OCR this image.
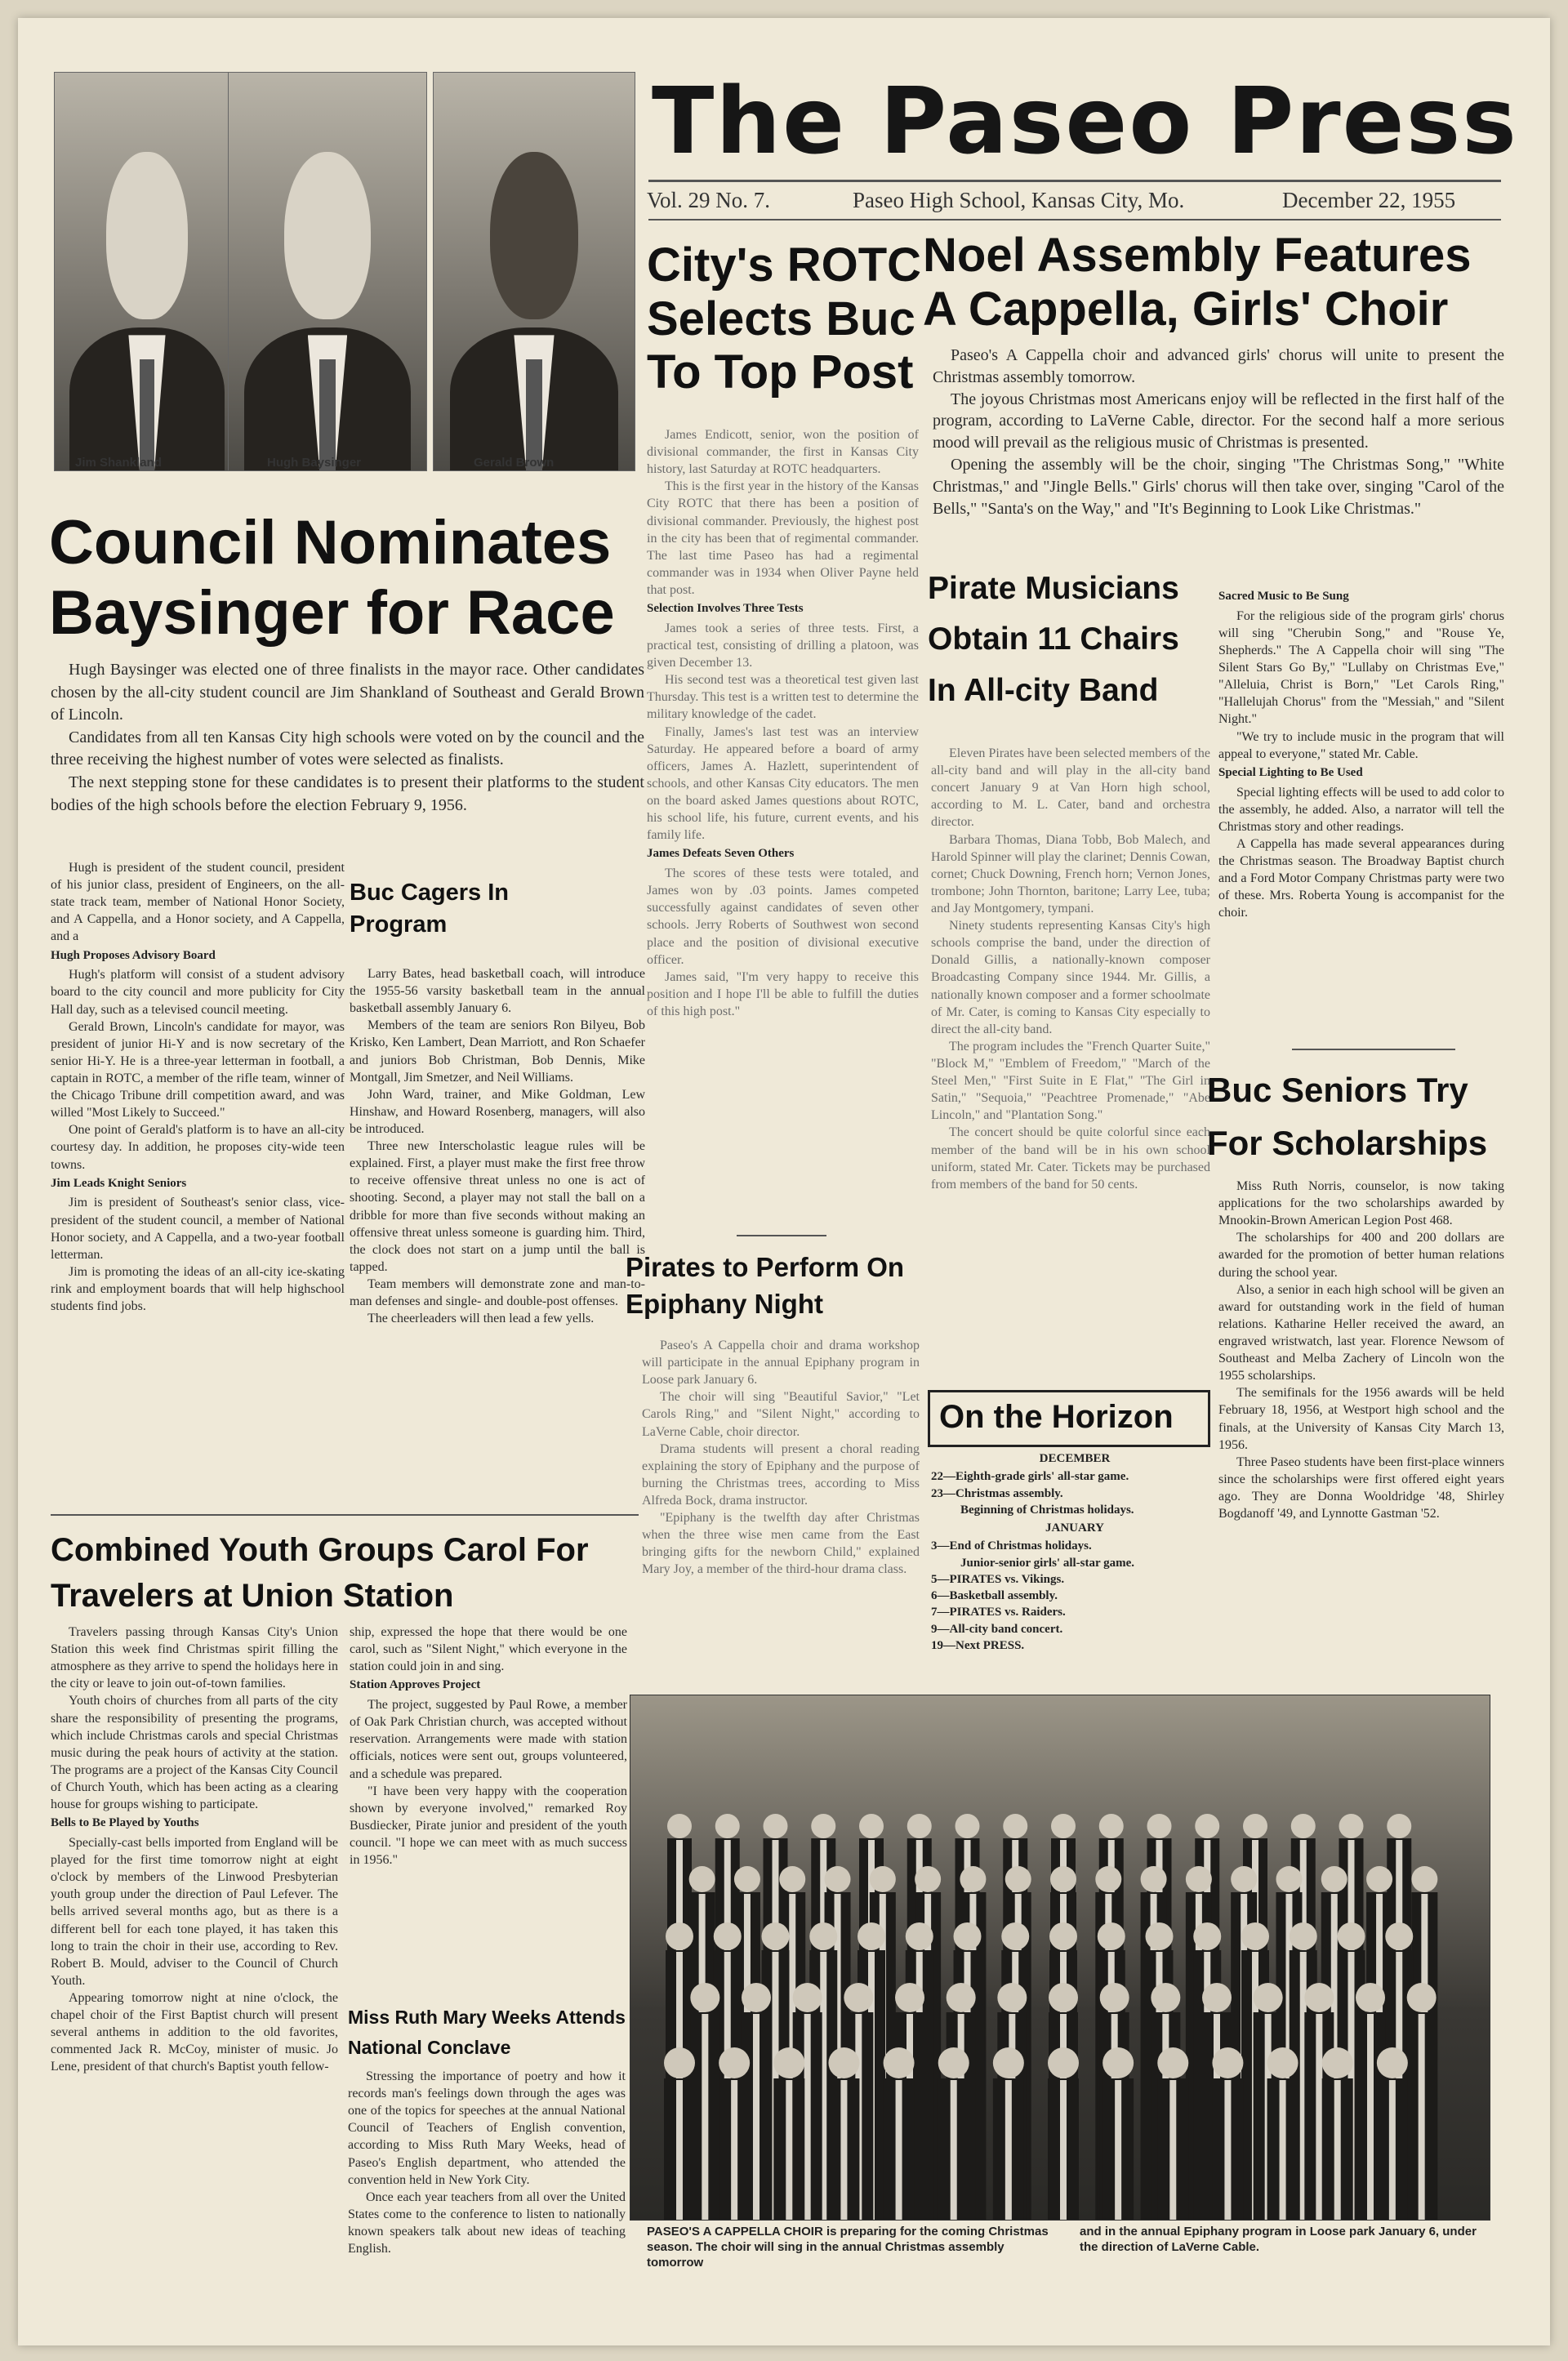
Jim Shankland	Hugh Baysinger	Gerald Brown
The Paseo Press
Vol. 29 No. 7.	Paseo High School, Kansas City, Mo.	December 22, 1955
Council Nominates Baysinger for Race

Hugh Baysinger was elected one of three finalists in the mayor race. Other candidates chosen by the all-city student council are Jim Shankland of Southeast and Gerald Brown of Lincoln.

Candidates from all ten Kansas City high schools were voted on by the council and the three receiving the highest number of votes were selected as finalists.

The next stepping stone for these candidates is to present their platforms to the student bodies of the high schools before the election February 9, 1956.

Hugh is president of the student council, president of his junior class, president of Engineers, on the all-state track team, member of National Honor Society, and A Cappella, and a Honor society, and A Cappella, and a

Hugh Proposes Advisory Board

Hugh's platform will consist of a student advisory board to the city council and more publicity for City Hall day, such as a televised council meeting.

Gerald Brown, Lincoln's candidate for mayor, was president of junior Hi-Y and is now secretary of the senior Hi-Y. He is a three-year letterman in football, a captain in ROTC, a member of the rifle team, winner of the Chicago Tribune drill competition award, and was willed "Most Likely to Succeed."

One point of Gerald's platform is to have an all-city courtesy day. In addition, he proposes city-wide teen towns.

Jim Leads Knight Seniors

Jim is president of Southeast's senior class, vice-president of the student council, a member of National Honor society, and A Cappella, and a two-year football letterman.

Jim is promoting the ideas of an all-city ice-skating rink and employment boards that will help highschool students find jobs.

Buc Cagers In Program

Larry Bates, head basketball coach, will introduce the 1955-56 varsity basketball team in the annual basketball assembly January 6.

Members of the team are seniors Ron Bilyeu, Bob Krisko, Ken Lambert, Dean Marriott, and Ron Schaefer and juniors Bob Christman, Bob Dennis, Mike Montgall, Jim Smetzer, and Neil Williams.

John Ward, trainer, and Mike Goldman, Lew Hinshaw, and Howard Rosenberg, managers, will also be introduced.

Three new Interscholastic league rules will be explained. First, a player must make the first free throw to receive offensive threat unless no one is act of shooting. Second, a player may not stall the ball on a dribble for more than five seconds without making an offensive threat unless someone is guarding him. Third, the clock does not start on a jump until the ball is tapped.

Team members will demonstrate zone and man-to-man defenses and single- and double-post offenses.

The cheerleaders will then lead a few yells.

City's ROTC Selects Buc To Top Post

James Endicott, senior, won the position of divisional commander, the first in Kansas City history, last Saturday at ROTC headquarters.

This is the first year in the history of the Kansas City ROTC that there has been a position of divisional commander. Previously, the highest post in the city has been that of regimental commander. The last time Paseo has had a regimental commander was in 1934 when Oliver Payne held that post.

Selection Involves Three Tests

James took a series of three tests. First, a practical test, consisting of drilling a platoon, was given December 13.

His second test was a theoretical test given last Thursday. This test is a written test to determine the military knowledge of the cadet.

Finally, James's last test was an interview Saturday. He appeared before a board of army officers, James A. Hazlett, superintendent of schools, and other Kansas City educators. The men on the board asked James questions about ROTC, his school life, his future, current events, and his family life.

James Defeats Seven Others

The scores of these tests were totaled, and James won by .03 points. James competed successfully against candidates of seven other schools. Jerry Roberts of Southwest won second place and the position of divisional executive officer.

James said, "I'm very happy to receive this position and I hope I'll be able to fulfill the duties of this high post."

Pirates to Perform On Epiphany Night

Paseo's A Cappella choir and drama workshop will participate in the annual Epiphany program in Loose park January 6.

The choir will sing "Beautiful Savior," "Let Carols Ring," and "Silent Night," according to LaVerne Cable, choir director.

Drama students will present a choral reading explaining the story of Epiphany and the purpose of burning the Christmas trees, according to Miss Alfreda Bock, drama instructor.

"Epiphany is the twelfth day after Christmas when the three wise men came from the East bringing gifts for the newborn Child," explained Mary Joy, a member of the third-hour drama class.

Noel Assembly Features A Cappella, Girls' Choir

Paseo's A Cappella choir and advanced girls' chorus will unite to present the Christmas assembly tomorrow.

The joyous Christmas most Americans enjoy will be reflected in the first half of the program, according to LaVerne Cable, director. For the second half a more serious mood will prevail as the religious music of Christmas is presented.

Opening the assembly will be the choir, singing "The Christmas Song," "White Christmas," and "Jingle Bells." Girls' chorus will then take over, singing "Carol of the Bells," "Santa's on the Way," and "It's Beginning to Look Like Christmas."

Sacred Music to Be Sung

For the religious side of the program girls' chorus will sing "Cherubin Song," and "Rouse Ye, Shepherds." The A Cappella choir will sing "The Silent Stars Go By," "Lullaby on Christmas Eve," "Alleluia, Christ is Born," "Let Carols Ring," "Hallelujah Chorus" from the "Messiah," and "Silent Night."

"We try to include music in the program that will appeal to everyone," stated Mr. Cable.

Special Lighting to Be Used

Special lighting effects will be used to add color to the assembly, he added. Also, a narrator will tell the Christmas story and other readings.

A Cappella has made several appearances during the Christmas season. The Broadway Baptist church and a Ford Motor Company Christmas party were two of these. Mrs. Roberta Young is accompanist for the choir.

Pirate Musicians Obtain 11 Chairs In All-city Band

Eleven Pirates have been selected members of the all-city band and will play in the all-city band concert January 9 at Van Horn high school, according to M. L. Cater, band and orchestra director.

Barbara Thomas, Diana Tobb, Bob Malech, and Harold Spinner will play the clarinet; Dennis Cowan, cornet; Chuck Downing, French horn; Vernon Jones, trombone; John Thornton, baritone; Larry Lee, tuba; and Jay Montgomery, tympani.

Ninety students representing Kansas City's high schools comprise the band, under the direction of Donald Gillis, a nationally-known composer Broadcasting Company since 1944. Mr. Gillis, a nationally known composer and a former schoolmate of Mr. Cater, is coming to Kansas City especially to direct the all-city band.

The program includes the "French Quarter Suite," "Block M," "Emblem of Freedom," "March of the Steel Men," "First Suite in E Flat," "The Girl in Satin," "Sequoia," "Peachtree Promenade," "Abe Lincoln," and "Plantation Song."

The concert should be quite colorful since each member of the band will be in his own school uniform, stated Mr. Cater. Tickets may be purchased from members of the band for 50 cents.

On the Horizon
DECEMBER
22—Eighth-grade girls' all-star game.
23—Christmas assembly.
Beginning of Christmas holidays.
JANUARY
3—End of Christmas holidays.
Junior-senior girls' all-star game.
5—PIRATES vs. Vikings.
6—Basketball assembly.
7—PIRATES vs. Raiders.
9—All-city band concert.
19—Next PRESS.
Buc Seniors Try For Scholarships

Miss Ruth Norris, counselor, is now taking applications for the two scholarships awarded by Mnookin-Brown American Legion Post 468.

The scholarships for 400 and 200 dollars are awarded for the promotion of better human relations during the school year.

Also, a senior in each high school will be given an award for outstanding work in the field of human relations. Katharine Heller received the award, an engraved wristwatch, last year. Florence Newsom of Southeast and Melba Zachery of Lincoln won the 1955 scholarships.

The semifinals for the 1956 awards will be held February 18, 1956, at Westport high school and the finals, at the University of Kansas City March 13, 1956.

Three Paseo students have been first-place winners since the scholarships were first offered eight years ago. They are Donna Wooldridge '48, Shirley Bogdanoff '49, and Lynnotte Gastman '52.

Combined Youth Groups Carol For Travelers at Union Station

Travelers passing through Kansas City's Union Station this week find Christmas spirit filling the atmosphere as they arrive to spend the holidays here in the city or leave to join out-of-town families.

Youth choirs of churches from all parts of the city share the responsibility of presenting the programs, which include Christmas carols and special Christmas music during the peak hours of activity at the station. The programs are a project of the Kansas City Council of Church Youth, which has been acting as a clearing house for groups wishing to participate.

Bells to Be Played by Youths

Specially-cast bells imported from England will be played for the first time tomorrow night at eight o'clock by members of the Linwood Presbyterian youth group under the direction of Paul Lefever. The bells arrived several months ago, but as there is a different bell for each tone played, it has taken this long to train the choir in their use, according to Rev. Robert B. Mould, adviser to the Council of Church Youth.

Appearing tomorrow night at nine o'clock, the chapel choir of the First Baptist church will present several anthems in addition to the old favorites, commented Jack R. McCoy, minister of music. Jo Lene, president of that church's Baptist youth fellow-

ship, expressed the hope that there would be one carol, such as "Silent Night," which everyone in the station could join in and sing.

Station Approves Project

The project, suggested by Paul Rowe, a member of Oak Park Christian church, was accepted without reservation. Arrangements were made with station officials, notices were sent out, groups volunteered, and a schedule was prepared.

"I have been very happy with the cooperation shown by everyone involved," remarked Roy Busdiecker, Pirate junior and president of the youth council. "I hope we can meet with as much success in 1956."

Miss Ruth Mary Weeks Attends National Conclave

Stressing the importance of poetry and how it records man's feelings down through the ages was one of the topics for speeches at the annual National Council of Teachers of English convention, according to Miss Ruth Mary Weeks, head of Paseo's English department, who attended the convention held in New York City.

Once each year teachers from all over the United States come to the conference to listen to nationally known speakers talk about new ideas of teaching English.

PASEO'S A CAPPELLA CHOIR is preparing for the coming Christmas season. The choir will sing in the annual Christmas assembly tomorrow
and in the annual Epiphany program in Loose park January 6, under the direction of LaVerne Cable.
